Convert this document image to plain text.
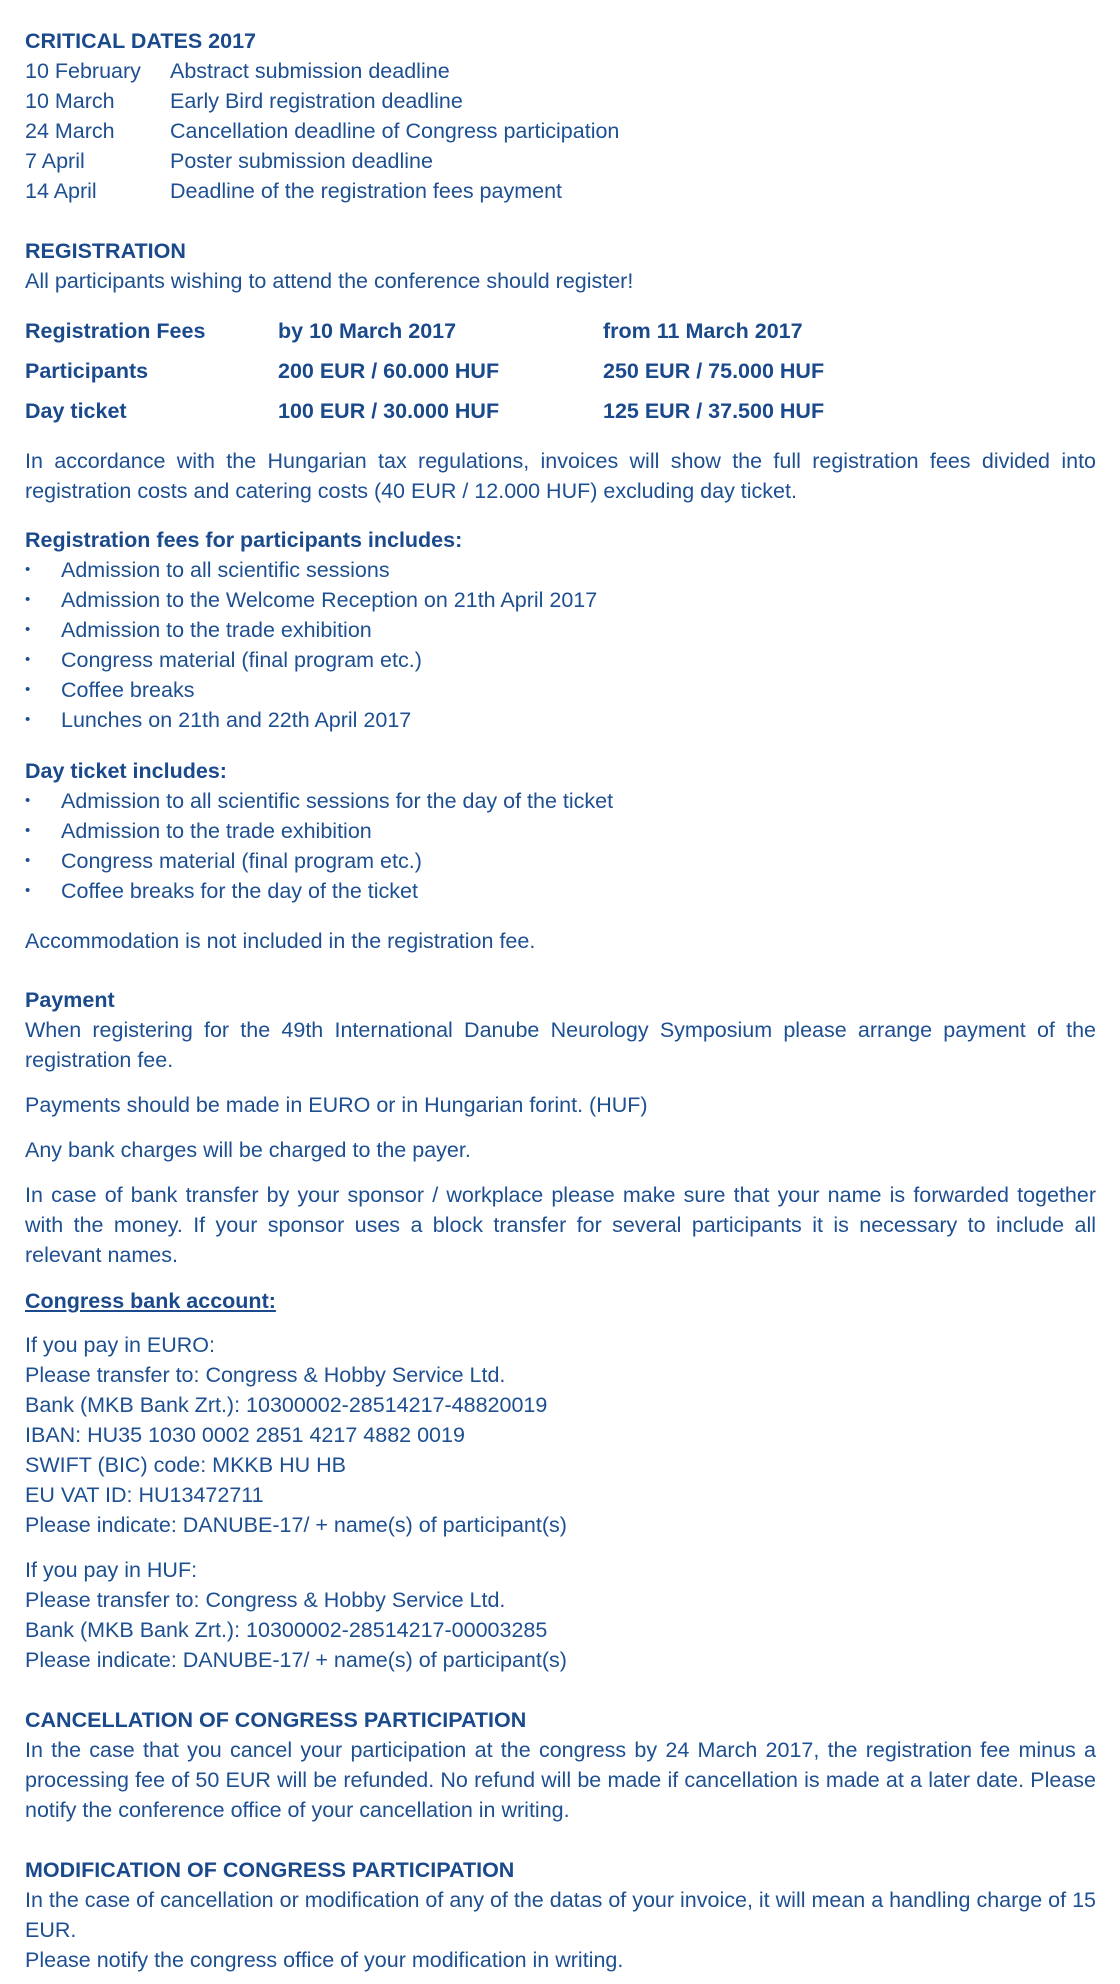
CRITICAL DATES 2017
10 February	Abstract submission deadline
10 March	Early Bird registration deadline
24 March	Cancellation deadline of Congress participation
7 April	Poster submission deadline
14 April	Deadline of the registration fees payment
REGISTRATION
All participants wishing to attend the conference should register!
Registration Fees	by 10 March 2017	from 11 March 2017
Participants	200 EUR / 60.000 HUF	250 EUR / 75.000 HUF
Day ticket	100 EUR / 30.000 HUF	125 EUR / 37.500 HUF
In accordance with the Hungarian tax regulations, invoices will show the full registration fees divided into registration costs and catering costs (40 EUR / 12.000 HUF) excluding day ticket.
Registration fees for participants includes:
• Admission to all scientific sessions
• Admission to the Welcome Reception on 21th April 2017
• Admission to the trade exhibition
• Congress material (final program etc.)
• Coffee breaks
• Lunches on 21th and 22th April 2017
Day ticket includes:
• Admission to all scientific sessions for the day of the ticket
• Admission to the trade exhibition
• Congress material (final program etc.)
• Coffee breaks for the day of the ticket
Accommodation is not included in the registration fee.
Payment
When registering for the 49th International Danube Neurology Symposium please arrange payment of the registration fee.
Payments should be made in EURO or in Hungarian forint. (HUF)
Any bank charges will be charged to the payer.
In case of bank transfer by your sponsor / workplace please make sure that your name is forwarded together with the money. If your sponsor uses a block transfer for several participants it is necessary to include all relevant names.
Congress bank account:
If you pay in EURO:
Please transfer to: Congress & Hobby Service Ltd.
Bank (MKB Bank Zrt.): 10300002-28514217-48820019
IBAN: HU35 1030 0002 2851 4217 4882 0019
SWIFT (BIC) code: MKKB HU HB
EU VAT ID: HU13472711
Please indicate: DANUBE-17/ + name(s) of participant(s)
If you pay in HUF:
Please transfer to: Congress & Hobby Service Ltd.
Bank (MKB Bank Zrt.): 10300002-28514217-00003285
Please indicate: DANUBE-17/ + name(s) of participant(s)
CANCELLATION OF CONGRESS PARTICIPATION
In the case that you cancel your participation at the congress by 24 March 2017, the registration fee minus a processing fee of 50 EUR will be refunded. No refund will be made if cancellation is made at a later date. Please notify the conference office of your cancellation in writing.
MODIFICATION OF CONGRESS PARTICIPATION
In the case of cancellation or modification of any of the datas of your invoice, it will mean a handling charge of 15 EUR.
Please notify the congress office of your modification in writing.
